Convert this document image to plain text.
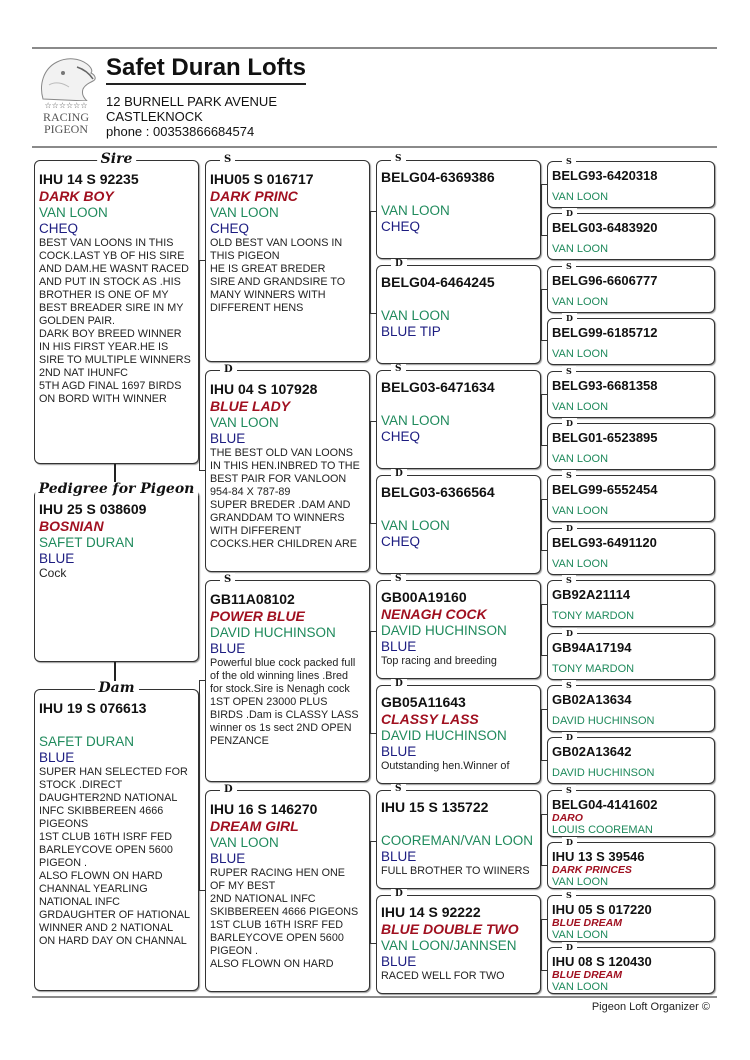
☆☆☆☆☆☆
RACING
PIGEON
Safet Duran Lofts
12 BURNELL PARK AVENUE
CASTLEKNOCK
phone : 0035386668457​4
Sire
IHU 14 S 92235
DARK BOY
VAN LOON
CHEQ
BEST VAN LOONS IN THIS
COCK.LAST YB OF HIS SIRE
AND DAM.HE WASNT RACED
AND PUT IN STOCK AS .HIS
BROTHER IS ONE OF MY
BEST BREADER SIRE IN MY
GOLDEN PAIR.
DARK BOY BREED WINNER
IN HIS FIRST YEAR.HE IS
SIRE TO MULTIPLE WINNERS
2ND NAT IHUNFC
5TH AGD FINAL 1697 BIRDS
ON BORD WITH WINNER
Pedigree for Pigeon
IHU 25 S 038609
BOSNIAN
SAFET DURAN
BLUE
Cock
Dam
IHU 19 S 076613
SAFET DURAN
BLUE
SUPER HAN SELECTED FOR
STOCK .DIRECT
DAUGHTER2ND NATIONAL
INFC SKIBBEREEN 4666
PIGEONS
1ST CLUB 16TH ISRF FED
BARLEYCOVE OPEN 5600
PIGEON .
ALSO FLOWN ON HARD
CHANNAL YEARLING
NATIONAL INFC
GRDAUGHTER OF HATIONAL
WINNER AND 2 NATIONAL
ON HARD DAY ON CHANNAL
S
IHU05 S 016717
DARK PRINC
VAN LOON
CHEQ
OLD BEST VAN LOONS IN
THIS PIGEON
HE IS GREAT BREDER
SIRE AND GRANDSIRE TO
MANY WINNERS WITH
DIFFERENT HENS
D
IHU 04 S 107928
BLUE LADY
VAN LOON
BLUE
THE BEST OLD VAN LOONS
IN THIS HEN.INBRED TO THE
BEST PAIR FOR VANLOON
954-84 X 787-89
SUPER BREDER .DAM AND
GRANDDAM TO WINNERS
WITH DIFFERENT
COCKS.HER CHILDREN ARE
S
GB11A08102
POWER BLUE
DAVID HUCHINSON
BLUE
Powerful blue cock packed full
of the old winning lines .Bred
for stock.Sire is Nenagh cock
1ST OPEN 23000 PLUS
BIRDS .Dam is CLASSY LASS
winner os 1s sect 2ND OPEN
PENZANCE
D
IHU 16 S 146270
DREAM GIRL
VAN LOON
BLUE
RUPER RACING HEN ONE
OF MY BEST
2ND NATIONAL INFC
SKIBBEREEN 4666 PIGEONS
1ST CLUB 16TH ISRF FED
BARLEYCOVE OPEN 5600
PIGEON .
ALSO FLOWN ON HARD
S
BELG04-6369386
VAN LOON
CHEQ
D
BELG04-6464245
VAN LOON
BLUE TIP
S
BELG03-6471634
VAN LOON
CHEQ
D
BELG03-6366564
VAN LOON
CHEQ
S
GB00A19160
NENAGH COCK
DAVID HUCHINSON
BLUE
Top racing and breeding
D
GB05A11643
CLASSY LASS
DAVID HUCHINSON
BLUE
Outstanding hen.Winner of
S
IHU 15 S 135722
COOREMAN/VAN LOON
BLUE
FULL BROTHER TO WIINERS
D
IHU 14 S 92222
BLUE DOUBLE TWO
VAN LOON/JANNSEN
BLUE
RACED WELL FOR TWO
S
BELG93-6420318
VAN LOON
D
BELG03-6483920
VAN LOON
S
BELG96-6606777
VAN LOON
D
BELG99-6185712
VAN LOON
S
BELG93-6681358
VAN LOON
D
BELG01-6523895
VAN LOON
S
BELG99-6552454
VAN LOON
D
BELG93-6491120
VAN LOON
S
GB92A21114
TONY MARDON
D
GB94A17194
TONY MARDON
S
GB02A13634
DAVID HUCHINSON
D
GB02A13642
DAVID HUCHINSON
S
BELG04-4141602
DARO
LOUIS COOREMAN
D
IHU 13 S 39546
DARK PRINCES
VAN LOON
S
IHU 05 S 017220
BLUE DREAM
VAN LOON
D
IHU 08 S 120430
BLUE DREAM
VAN LOON
Pigeon Loft Organizer ©
